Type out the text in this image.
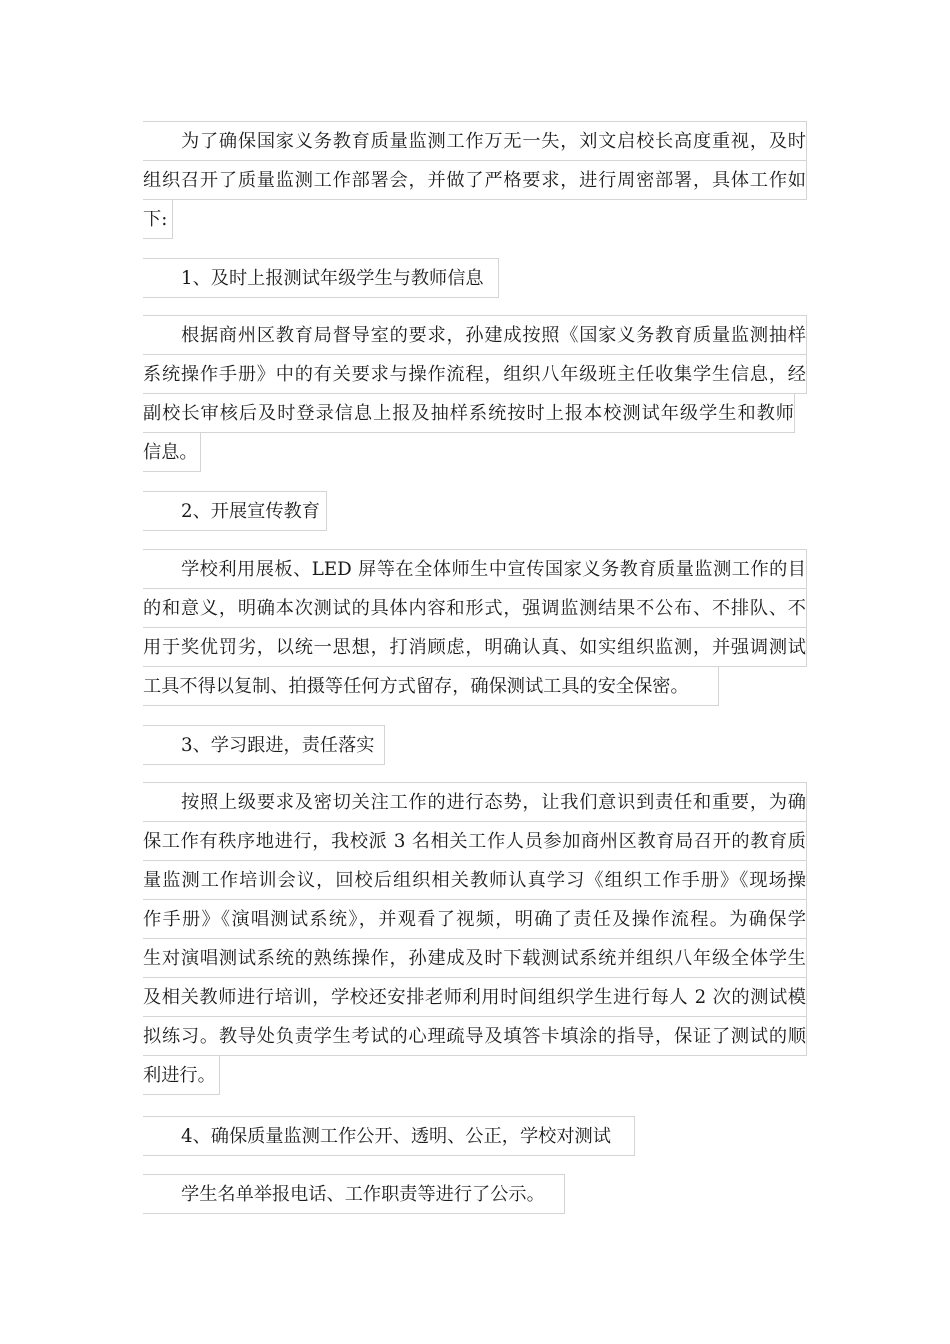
为了确保国家义务教育质量监测工作万无一失，刘文启校长高度重视，及时
组织召开了质量监测工作部署会，并做了严格要求，进行周密部署，具体工作如
下:
1、及时上报测试年级学生与教师信息
根据商州区教育局督导室的要求，孙建成按照《国家义务教育质量监测抽样
系统操作手册》中的有关要求与操作流程，组织八年级班主任收集学生信息，经
副校长审核后及时登录信息上报及抽样系统按时上报本校测试年级学生和教师
信息。
2、开展宣传教育
学校利用展板、LED 屏等在全体师生中宣传国家义务教育质量监测工作的目
的和意义，明确本次测试的具体内容和形式，强调监测结果不公布、不排队、不
用于奖优罚劣，以统一思想，打消顾虑，明确认真、如实组织监测，并强调测试
工具不得以复制、拍摄等任何方式留存，确保测试工具的安全保密。
3、学习跟进，责任落实
按照上级要求及密切关注工作的进行态势，让我们意识到责任和重要，为确
保工作有秩序地进行，我校派 3 名相关工作人员参加商州区教育局召开的教育质
量监测工作培训会议，回校后组织相关教师认真学习《组织工作手册》《现场操
作手册》《演唱测试系统》，并观看了视频，明确了责任及操作流程。为确保学
生对演唱测试系统的熟练操作，孙建成及时下载测试系统并组织八年级全体学生
及相关教师进行培训，学校还安排老师利用时间组织学生进行每人 2 次的测试模
拟练习。教导处负责学生考试的心理疏导及填答卡填涂的指导，保证了测试的顺
利进行。
4、确保质量监测工作公开、透明、公正，学校对测试
学生名单举报电话、工作职责等进行了公示。
